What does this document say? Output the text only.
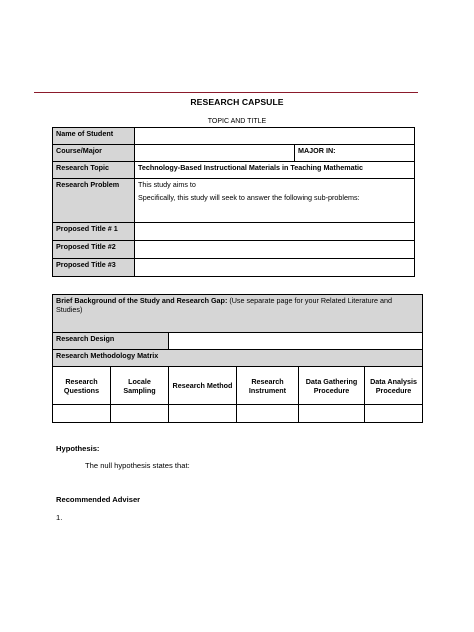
RESEARCH CAPSULE
TOPIC AND TITLE
Name of Student		
Course/Major		MAJOR IN:
Research Topic	Technology-Based Instructional Materials in Teaching Mathematic	
Research Problem	This study aims to
Specifically, this study will seek to answer the following sub-problems:	

Proposed Title # 1		
Proposed Title #2		
Proposed Title #3		
Brief Background of the Study and Research Gap: (Use separate page for your Related Literature and Studies)					
Research Design					
Research Methodology Matrix					
Research Questions	Locale Sampling	Research Method	Research Instrument	Data Gathering Procedure	Data Analysis Procedure

Hypothesis:
The null hypothesis states that:
Recommended Adviser
1.
